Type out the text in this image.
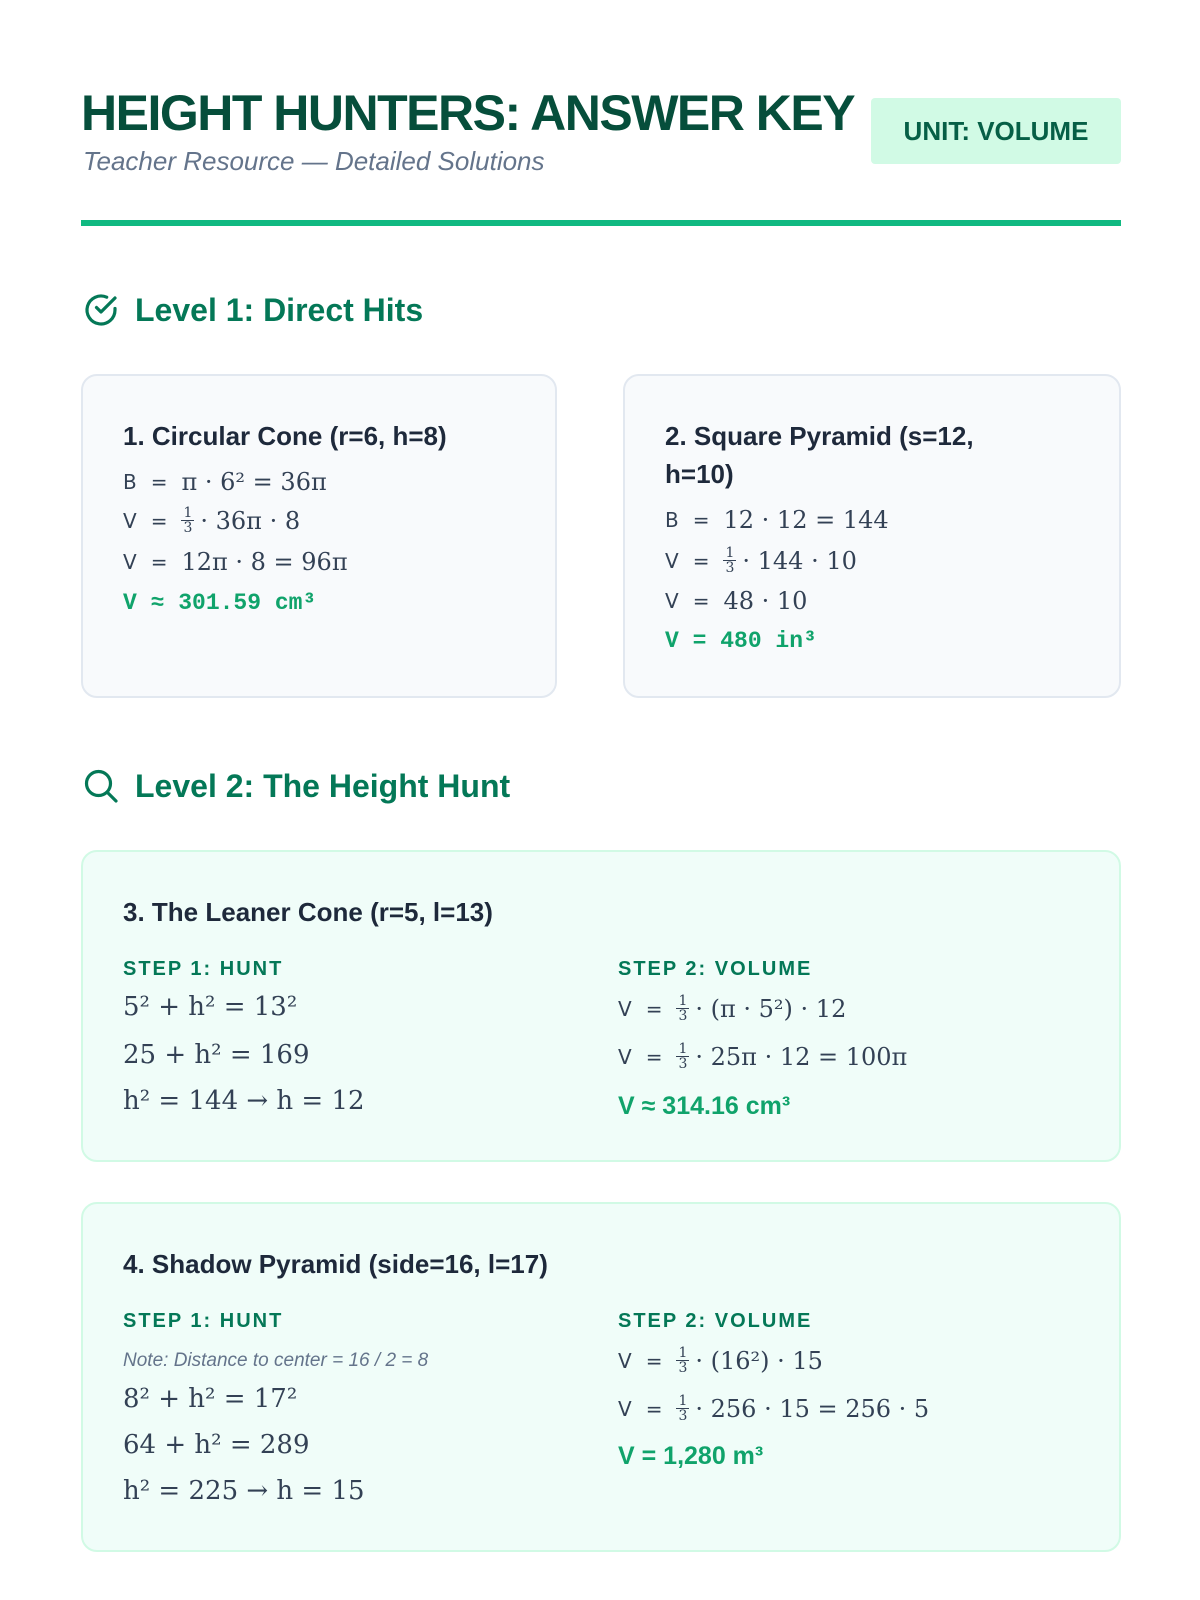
HEIGHT HUNTERS: ANSWER KEY
Teacher Resource — Detailed Solutions
UNIT: VOLUME
Level 1: Direct Hits
1. Circular Cone (r=6, h=8)
B = π · 6² = 36π
$V = \frac{1}{3} \cdot 36\pi \cdot 8$
V = 12π · 8 = 96π
V ≈ 301.59 cm³
2. Square Pyramid (s=12,
h=10)
B = 12 · 12 = 144
$V = \frac{1}{3} \cdot 144 \cdot 10$
V = 48 · 10
V = 480 in³
Level 2: The Height Hunt
3. The Leaner Cone (r=5, l=13)
STEP 1: HUNT
5² + h² = 13²
25 + h² = 169
h² = 144 → h = 12
STEP 2: VOLUME
$V = \frac{1}{3} \cdot (\pi \cdot 5^2) \cdot 12$
$V = \frac{1}{3} \cdot 25\pi \cdot 12 = 100\pi$
V ≈ 314.16 cm³
4. Shadow Pyramid (side=16, l=17)
STEP 1: HUNT
Note: Distance to center = 16 / 2 = 8
8² + h² = 17²
64 + h² = 289
h² = 225 → h = 15
STEP 2: VOLUME
$V = \frac{1}{3} \cdot (16^2) \cdot 15$
$V = \frac{1}{3} \cdot 256 \cdot 15 = 256 \cdot 5$
V = 1,280 m³
